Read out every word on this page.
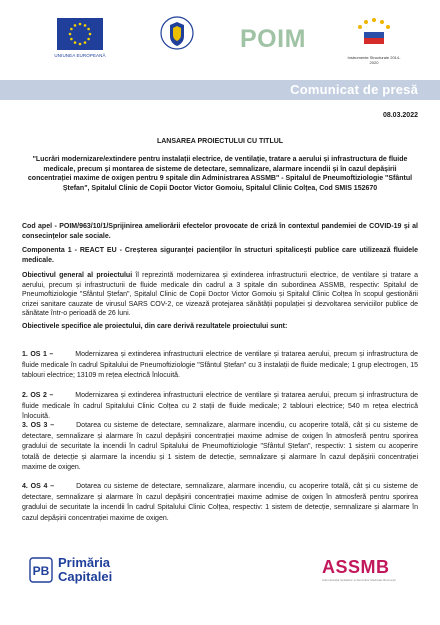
UNIUNEA EUROPEANĂ
POIM
Instrumente Structurale 2014-2020
Comunicat de presă
08.03.2022
LANSAREA PROIECTULUI CU TITLUL
"Lucrări modernizare/extindere pentru instalații electrice, de ventilație, tratare a aerului și infrastructura de fluide medicale, precum și montarea de sisteme de detectare, semnalizare, alarmare incendii și în cazul depășirii concentrației maxime de oxigen pentru 9 spitale din Administrarea ASSMB" - Spitalul de Pneumoftiziologie "Sfântul Ștefan", Spitalul Clinic de Copii Doctor Victor Gomoiu, Spitalul Clinic Colțea, Cod SMIS 152670
Cod apel - POIM/963/10/1/Sprijinirea ameliorării efectelor provocate de criză în contextul pandemiei de COVID-19 și al consecințelor sale sociale.
Componenta 1 - REACT EU - Creșterea siguranței pacienților în structuri spitalicești publice care utilizează fluidele medicale.
Obiectivul general al proiectului îl reprezintă modernizarea și extinderea infrastructurii electrice, de ventilare și tratare a aerului, precum și infrastructurii de fluide medicale din cadrul a 3 spitale din subordinea ASSMB, respectiv: Spitalul de Pneumoftiziologie "Sfântul Ștefan", Spitalul Clinic de Copii Doctor Victor Gomoiu și Spitalul Clinic Colțea în scopul gestionării crizei sanitare cauzate de virusul SARS COV-2, ce vizează protejarea sănătății populației și dezvoltarea serviciilor publice de sănătate într-o perioadă de 26 luni.
Obiectivele specifice ale proiectului, din care derivă rezultatele proiectului sunt:
1. OS 1 –	Modernizarea și extinderea infrastructurii electrice de ventilare și tratarea aerului, precum și infrastructura de fluide medicale în cadrul Spitalului de Pneumoftiziologie "Sfântul Ștefan" cu 3 instalații de fluide medicale; 1 grup electrogen, 15 tablouri electrice; 13109 m rețea electrică înlocuită.
2. OS 2 –	Modernizarea și extinderea infrastructurii electrice de ventilare și tratarea aerului, precum și infrastructura de fluide medicale în cadrul Spitalului Clinic Colțea cu 2 stații de fluide medicale; 2 tablouri electrice; 540 m rețea electrică înlocuită.
3. OS 3 –	Dotarea cu sisteme de detectare, semnalizare, alarmare incendiu, cu acoperire totală, cât și cu sisteme de detectare, semnalizare și alarmare în cazul depășirii concentrației maxime admise de oxigen în atmosferă pentru sporirea gradului de securitate la incendii în cadrul Spitalului de Pneumoftiziologie "Sfântul Ștefan", respectiv: 1 sistem cu acoperire totală de detecție și alarmare la incendiu și 1 sistem de detecție, semnalizare și alarmare în cazul depășirii concentrației maxime de oxigen.
4. OS 4 –	Dotarea cu sisteme de detectare, semnalizare, alarmare incendiu, cu acoperire totală, cât și cu sisteme de detectare, semnalizare și alarmare în cazul depășirii concentrației maxime admise de oxigen în atmosferă pentru sporirea gradului de securitate la incendii în cadrul Spitalului Clinic Colțea, respectiv: 1 sistem de detecție, semnalizare și alarmare în cazul depășirii concentrației maxime de oxigen.
PB
Primăria
Capitalei	ASSMB
Administrația Spitalelor și Serviciilor Medicale București
